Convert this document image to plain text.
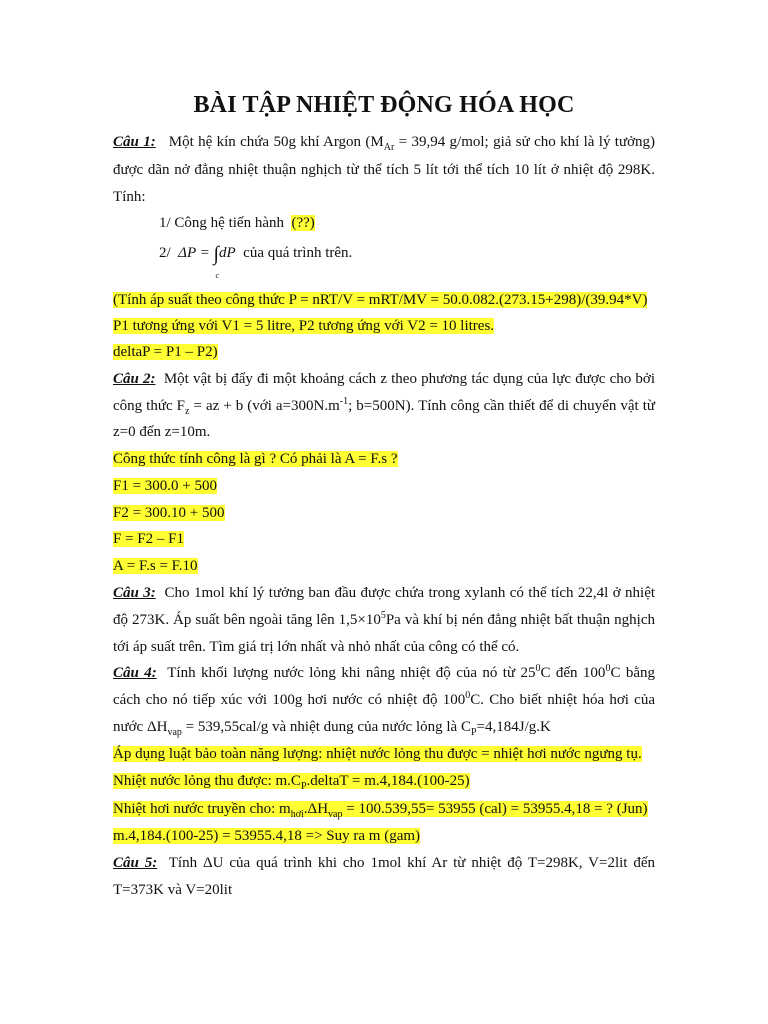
BÀI TẬP NHIỆT ĐỘNG HÓA HỌC
Câu 1: Một hệ kín chứa 50g khí Argon ($M_{Ar} = 39,94$ g/mol; giả sử cho khí là lý tưởng)
được dãn nở đẳng nhiệt thuận nghịch từ thể tích 5 lít tới thể tích 10 lít ở nhiệt độ 298K.
Tính:
1/ Công hệ tiến hành (??)
2/ ΔP = ∫
c
dP của quá trình trên.
(Tính áp suất theo công thức P = nRT/V = mRT/MV = 50.0.082.(273.15+298)/(39.94*V)
P1 tương ứng với V1 = 5 litre, P2 tương ứng với V2 = 10 litres.
deltaP = P1 – P2)
Câu 2: Một vật bị đẩy đi một khoảng cách z theo phương tác dụng của lực được cho bởi
công thức $F_z$ = az + b (với $a=300N.m^{-1}$; b=500N). Tính công cần thiết để di chuyển vật từ
z=0 đến z=10m.
Công thức tính công là gì ? Có phải là A = F.s ?
F1 = 300.0 + 500
F2 = 300.10 + 500
F = F2 – F1
A = F.s = F.10
Câu 3: Cho 1mol khí lý tưởng ban đầu được chứa trong xylanh có thể tích 22,4l ở nhiệt
độ 273K. Áp suất bên ngoài tăng lên $1,5\times 10^5Pa$ và khí bị nén đẳng nhiệt bất thuận nghịch
tới áp suất trên. Tìm giá trị lớn nhất và nhỏ nhất của công có thể có.
Câu 4: Tính khối lượng nước lỏng khi nâng nhiệt độ của nó từ $25^0C$ đến $100^0C$ bằng
cách cho nó tiếp xúc với 100g hơi nước có nhiệt độ $100^0C$. Cho biết nhiệt hóa hơi của
nước $\Delta H_{vap} = 539,55cal/g$ và nhiệt dung của nước lỏng là $C_P=4,184J/g.K$
Áp dụng luật bảo toàn năng lượng: nhiệt nước lỏng thu được = nhiệt hơi nước ngưng tụ.
Nhiệt nước lỏng thu được: $m.C_P.deltaT = m.4,184.(100-25)$
Nhiệt hơi nước truyền cho: $m_{hơi}.\Delta H_{vap} = 100.539,55= 53955$ (cal) = 53955.4,18 = ? (Jun)
m.4,184.(100-25) = 53955.4,18 => Suy ra m (gam)
Câu 5: Tính ΔU của quá trình khi cho 1mol khí Ar từ nhiệt độ T=298K, V=2lit đến
T=373K và V=20lit
